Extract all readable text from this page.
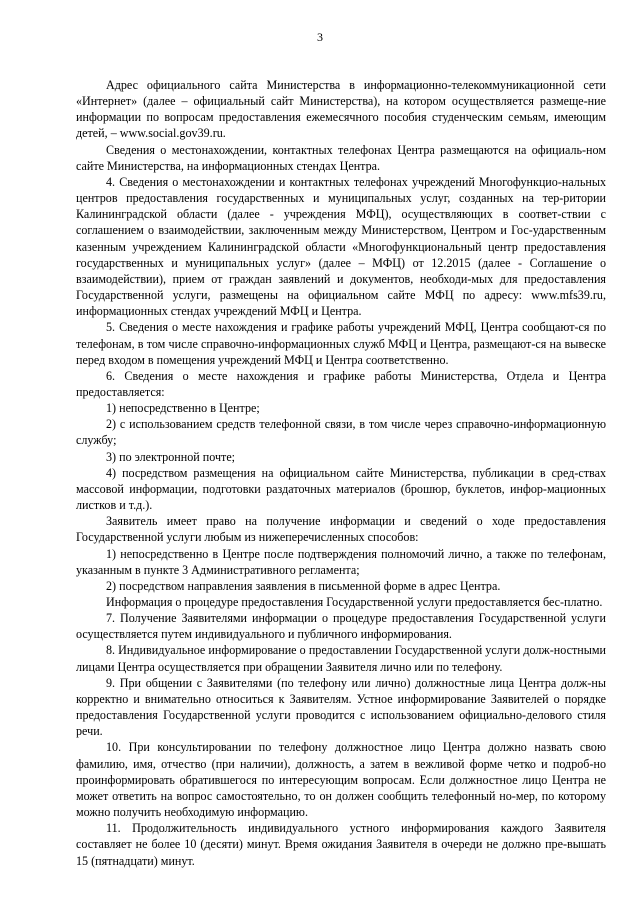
3

Адрес официального сайта Министерства в информационно-телекоммуникационной сети «Интернет» (далее – официальный сайт Министерства), на котором осуществляется размеще-ние информации по вопросам предоставления ежемесячного пособия студенческим семьям, имеющим детей, – www.social.gov39.ru.

Сведения о местонахождении, контактных телефонах Центра размещаются на официаль-ном сайте Министерства, на информационных стендах Центра.

4. Сведения о местонахождении и контактных телефонах учреждений Многофункцио-нальных центров предоставления государственных и муниципальных услуг, созданных на тер-ритории Калининградской области (далее - учреждения МФЦ), осуществляющих в соответ-ствии с соглашением о взаимодействии, заключенным между Министерством, Центром и Гос-ударственным казенным учреждением Калининградской области «Многофункциональный центр предоставления государственных и муниципальных услуг» (далее – МФЦ) от 12.2015 (далее - Соглашение о взаимодействии), прием от граждан заявлений и документов, необходи-мых для предоставления Государственной услуги, размещены на официальном сайте МФЦ по адресу: www.mfs39.ru, информационных стендах учреждений МФЦ и Центра.

5. Сведения о месте нахождения и графике работы учреждений МФЦ, Центра сообщают-ся по телефонам, в том числе справочно-информационных служб МФЦ и Центра, размещают-ся на вывеске перед входом в помещения учреждений МФЦ и Центра соответственно.

6. Сведения о месте нахождения и графике работы Министерства, Отдела и Центра предоставляется:

1) непосредственно в Центре;

2) с использованием средств телефонной связи, в том числе через справочно-информационную службу;

3) по электронной почте;

4) посредством размещения на официальном сайте Министерства, публикации в сред-ствах массовой информации, подготовки раздаточных материалов (брошюр, буклетов, инфор-мационных листков и т.д.).

Заявитель имеет право на получение информации и сведений о ходе предоставления Государственной услуги любым из нижеперечисленных способов:

1) непосредственно в Центре после подтверждения полномочий лично, а также по телефонам, указанным в пункте 3 Административного регламента;

2) посредством направления заявления в письменной форме в адрес Центра.

Информация о процедуре предоставления Государственной услуги предоставляется бес-платно.

7. Получение Заявителями информации о процедуре предоставления Государственной услуги осуществляется путем индивидуального и публичного информирования.

8. Индивидуальное информирование о предоставлении Государственной услуги долж-ностными лицами Центра осуществляется при обращении Заявителя лично или по телефону.

9. При общении с Заявителями (по телефону или лично) должностные лица Центра долж-ны корректно и внимательно относиться к Заявителям. Устное информирование Заявителей о порядке предоставления Государственной услуги проводится с использованием официально-делового стиля речи.

10. При консультировании по телефону должностное лицо Центра должно назвать свою фамилию, имя, отчество (при наличии), должность, а затем в вежливой форме четко и подроб-но проинформировать обратившегося по интересующим вопросам. Если должностное лицо Центра не может ответить на вопрос самостоятельно, то он должен сообщить телефонный но-мер, по которому можно получить необходимую информацию.

11. Продолжительность индивидуального устного информирования каждого Заявителя составляет не более 10 (десяти) минут. Время ожидания Заявителя в очереди не должно пре-вышать 15 (пятнадцати) минут.
